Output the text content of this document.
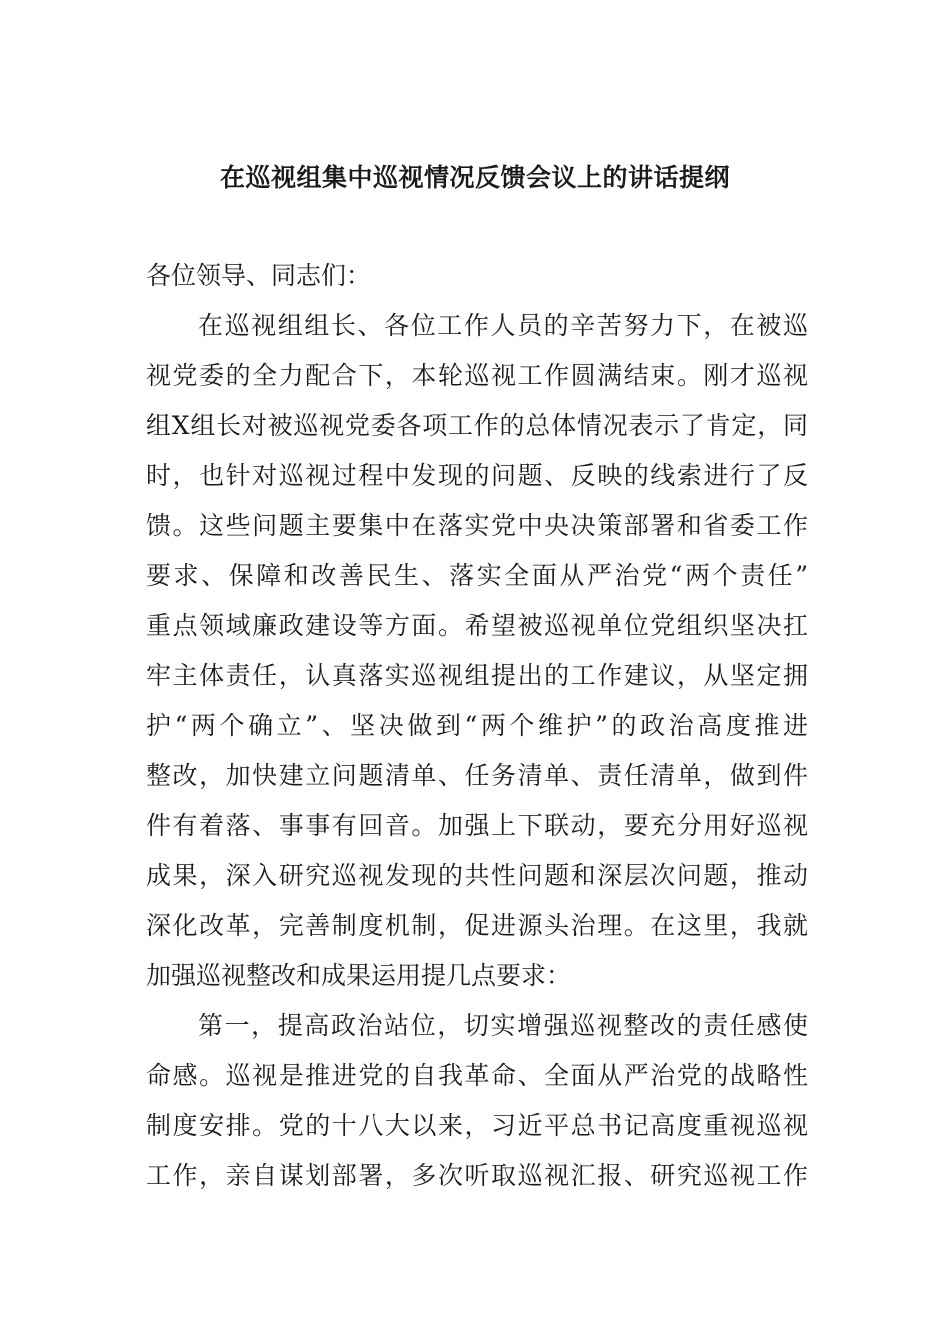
在巡视组集中巡视情况反馈会议上的讲话提纲
各位领导、同志们：
在巡视组组长、各位工作人员的辛苦努力下，在被巡
视党委的全力配合下，本轮巡视工作圆满结束。刚才巡视
组X组长对被巡视党委各项工作的总体情况表示了肯定，同
时，也针对巡视过程中发现的问题、反映的线索进行了反
馈。这些问题主要集中在落实党中央决策部署和省委工作
要求、保障和改善民生、落实全面从严治党“两个责任”
重点领域廉政建设等方面。希望被巡视单位党组织坚决扛
牢主体责任，认真落实巡视组提出的工作建议，从坚定拥
护“两个确立”、坚决做到“两个维护”的政治高度推进
整改，加快建立问题清单、任务清单、责任清单，做到件
件有着落、事事有回音。加强上下联动，要充分用好巡视
成果，深入研究巡视发现的共性问题和深层次问题，推动
深化改革，完善制度机制，促进源头治理。在这里，我就
加强巡视整改和成果运用提几点要求：
第一，提高政治站位，切实增强巡视整改的责任感使
命感。巡视是推进党的自我革命、全面从严治党的战略性
制度安排。党的十八大以来，习近平总书记高度重视巡视
工作，亲自谋划部署，多次听取巡视汇报、研究巡视工作
